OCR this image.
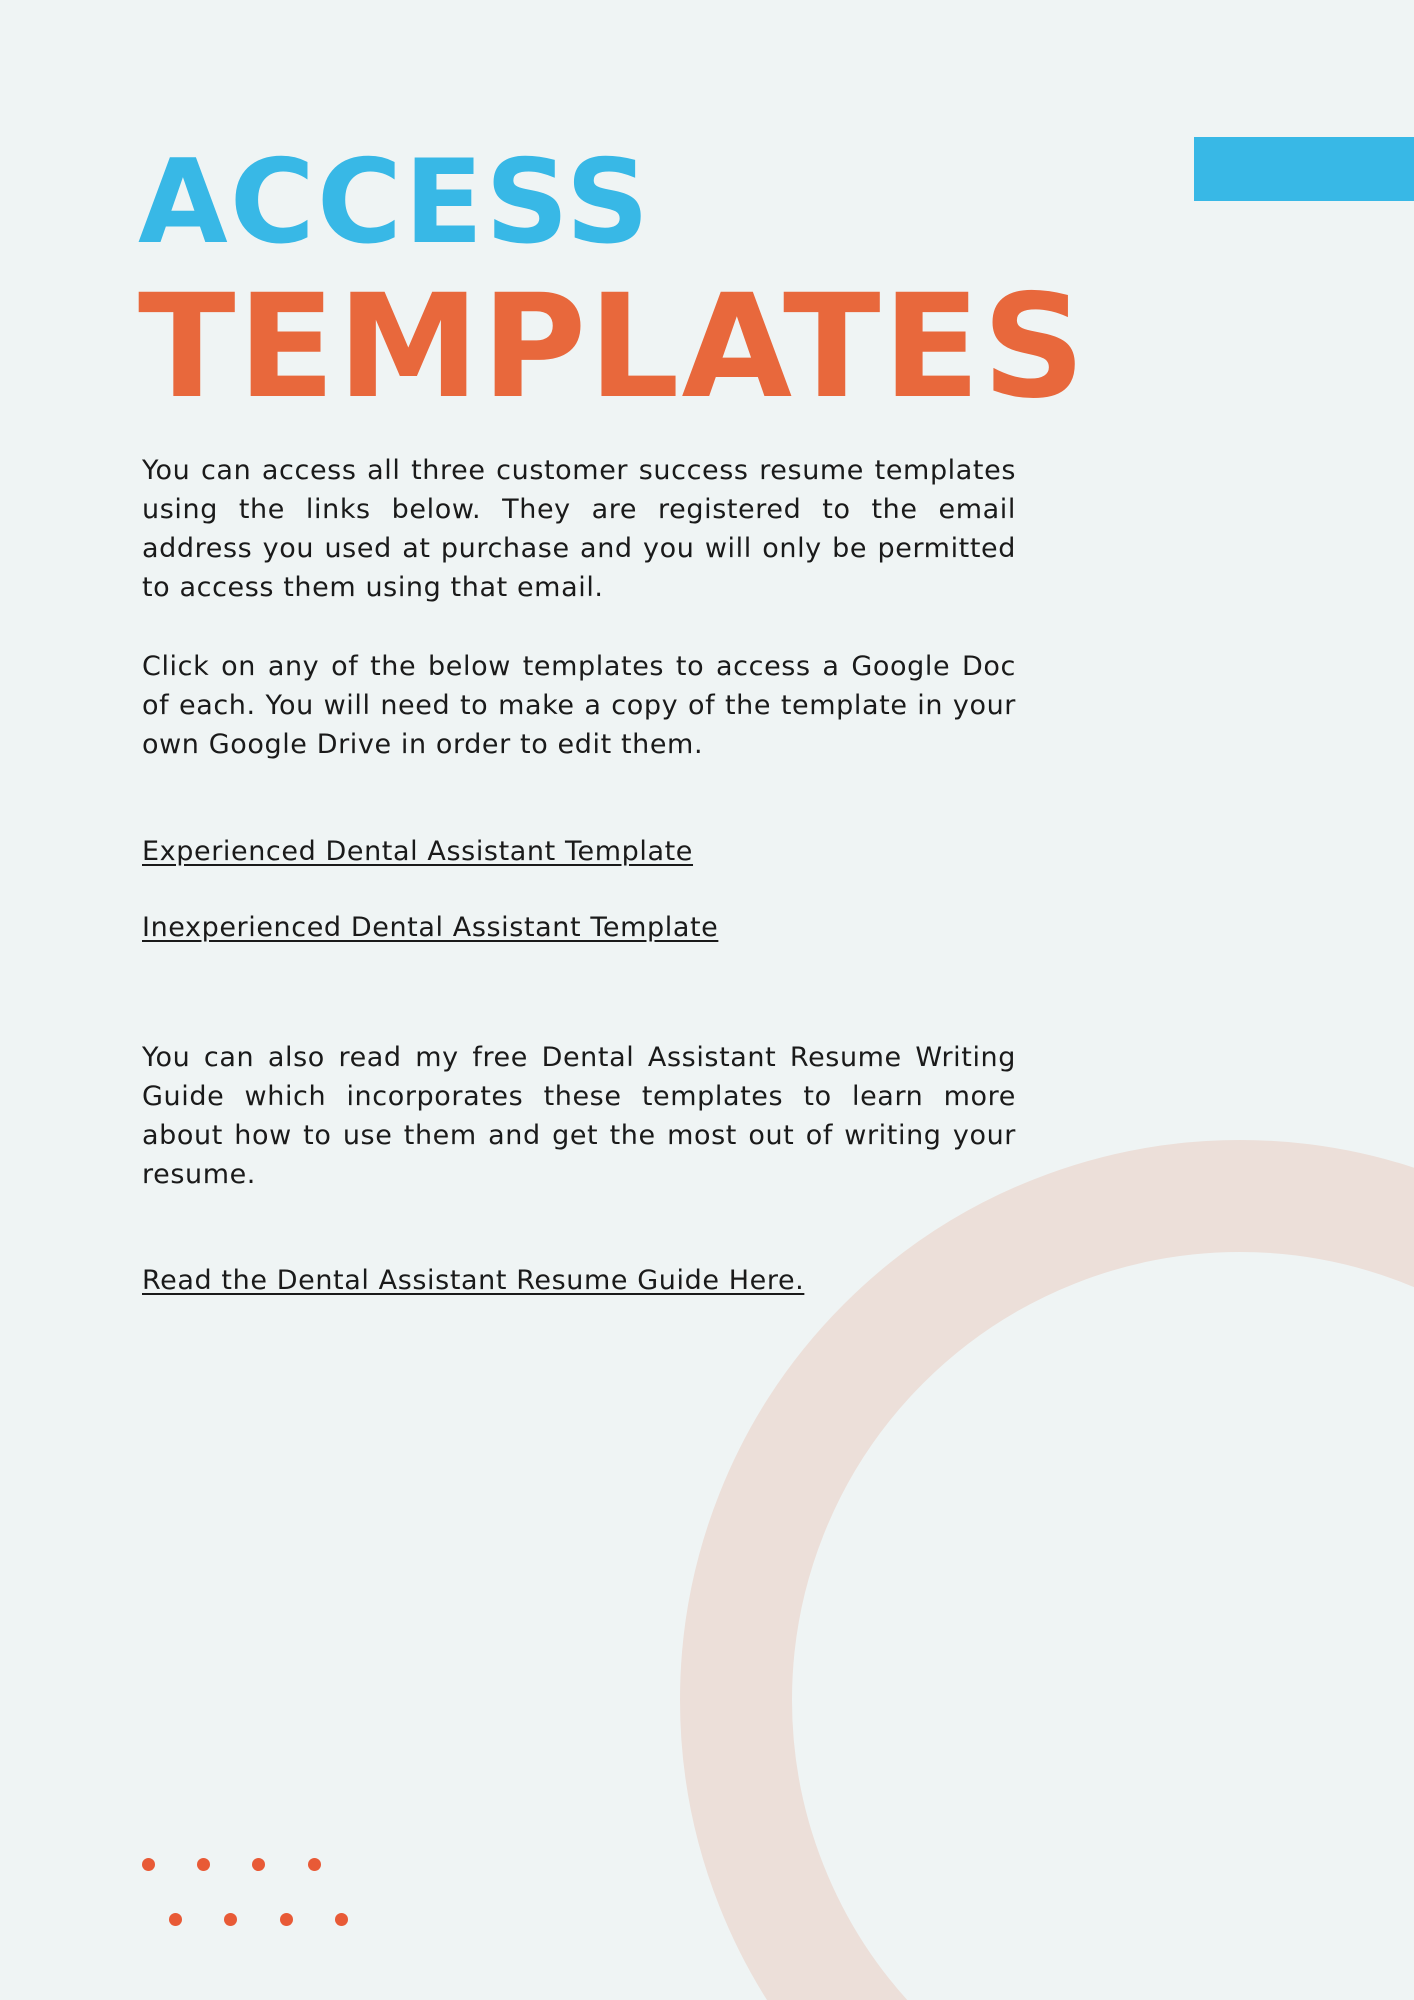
ACCESS
TEMPLATES

You can access all three customer success resume templates using the links below. They are registered to the email address you used at purchase and you will only be permitted to access them using that email.

Click on any of the below templates to access a Google Doc of each. You will need to make a copy of the template in your own Google Drive in order to edit them.

Experienced Dental Assistant Template
Inexperienced Dental Assistant Template

You can also read my free Dental Assistant Resume Writing Guide which incorporates these templates to learn more about how to use them and get the most out of writing your resume.

Read the Dental Assistant Resume Guide Here.
